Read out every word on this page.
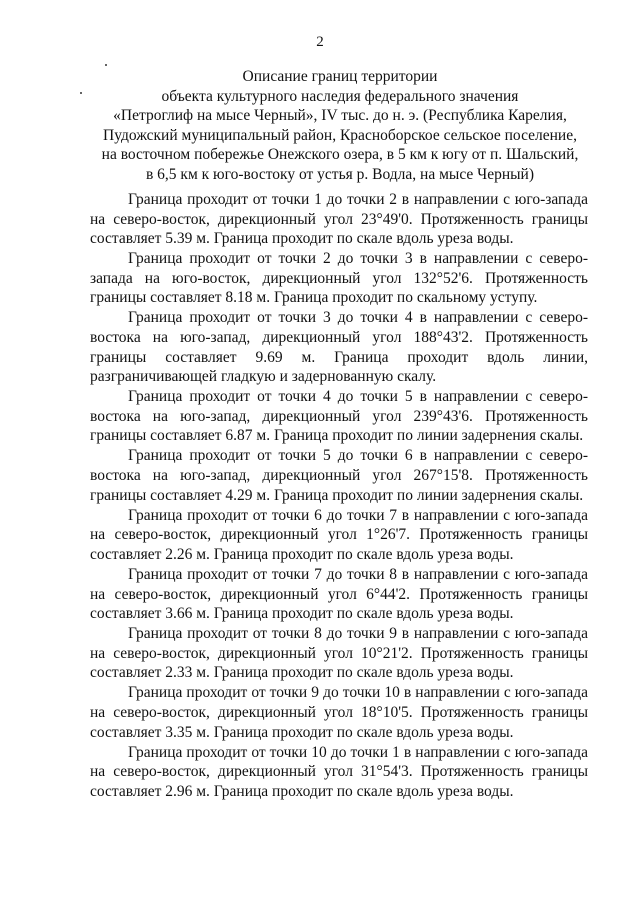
2
Описание границ территории
объекта культурного наследия федерального значения
«Петроглиф на мысе Черный», IV тыс. до н. э. (Республика Карелия,
Пудожский муниципальный район, Красноборское сельское поселение,
на восточном побережье Онежского озера, в 5 км к югу от п. Шальский,
в 6,5 км к юго-востоку от устья р. Водла, на мысе Черный)

Граница проходит от точки 1 до точки 2 в направлении с юго-запада на северо-восток, дирекционный угол 23°49'0. Протяженность границы составляет 5.39 м. Граница проходит по скале вдоль уреза воды.

Граница проходит от точки 2 до точки 3 в направлении с северо-запада на юго-восток, дирекционный угол 132°52'6. Протяженность границы составляет 8.18 м. Граница проходит по скальному уступу.

Граница проходит от точки 3 до точки 4 в направлении с северо-востока на юго-запад, дирекционный угол 188°43'2. Протяженность границы составляет 9.69 м. Граница проходит вдоль линии, разграничивающей гладкую и задернованную скалу.

Граница проходит от точки 4 до точки 5 в направлении с северо-востока на юго-запад, дирекционный угол 239°43'6. Протяженность границы составляет 6.87 м. Граница проходит по линии задернения скалы.

Граница проходит от точки 5 до точки 6 в направлении с северо-востока на юго-запад, дирекционный угол 267°15'8. Протяженность границы составляет 4.29 м. Граница проходит по линии задернения скалы.

Граница проходит от точки 6 до точки 7 в направлении с юго-запада на северо-восток, дирекционный угол 1°26'7. Протяженность границы составляет 2.26 м. Граница проходит по скале вдоль уреза воды.

Граница проходит от точки 7 до точки 8 в направлении с юго-запада на северо-восток, дирекционный угол 6°44'2. Протяженность границы составляет 3.66 м. Граница проходит по скале вдоль уреза воды.

Граница проходит от точки 8 до точки 9 в направлении с юго-запада на северо-восток, дирекционный угол 10°21'2. Протяженность границы составляет 2.33 м. Граница проходит по скале вдоль уреза воды.

Граница проходит от точки 9 до точки 10 в направлении с юго-запада на северо-восток, дирекционный угол 18°10'5. Протяженность границы составляет 3.35 м. Граница проходит по скале вдоль уреза воды.

Граница проходит от точки 10 до точки 1 в направлении с юго-запада на северо-восток, дирекционный угол 31°54'3. Протяженность границы составляет 2.96 м. Граница проходит по скале вдоль уреза воды.
